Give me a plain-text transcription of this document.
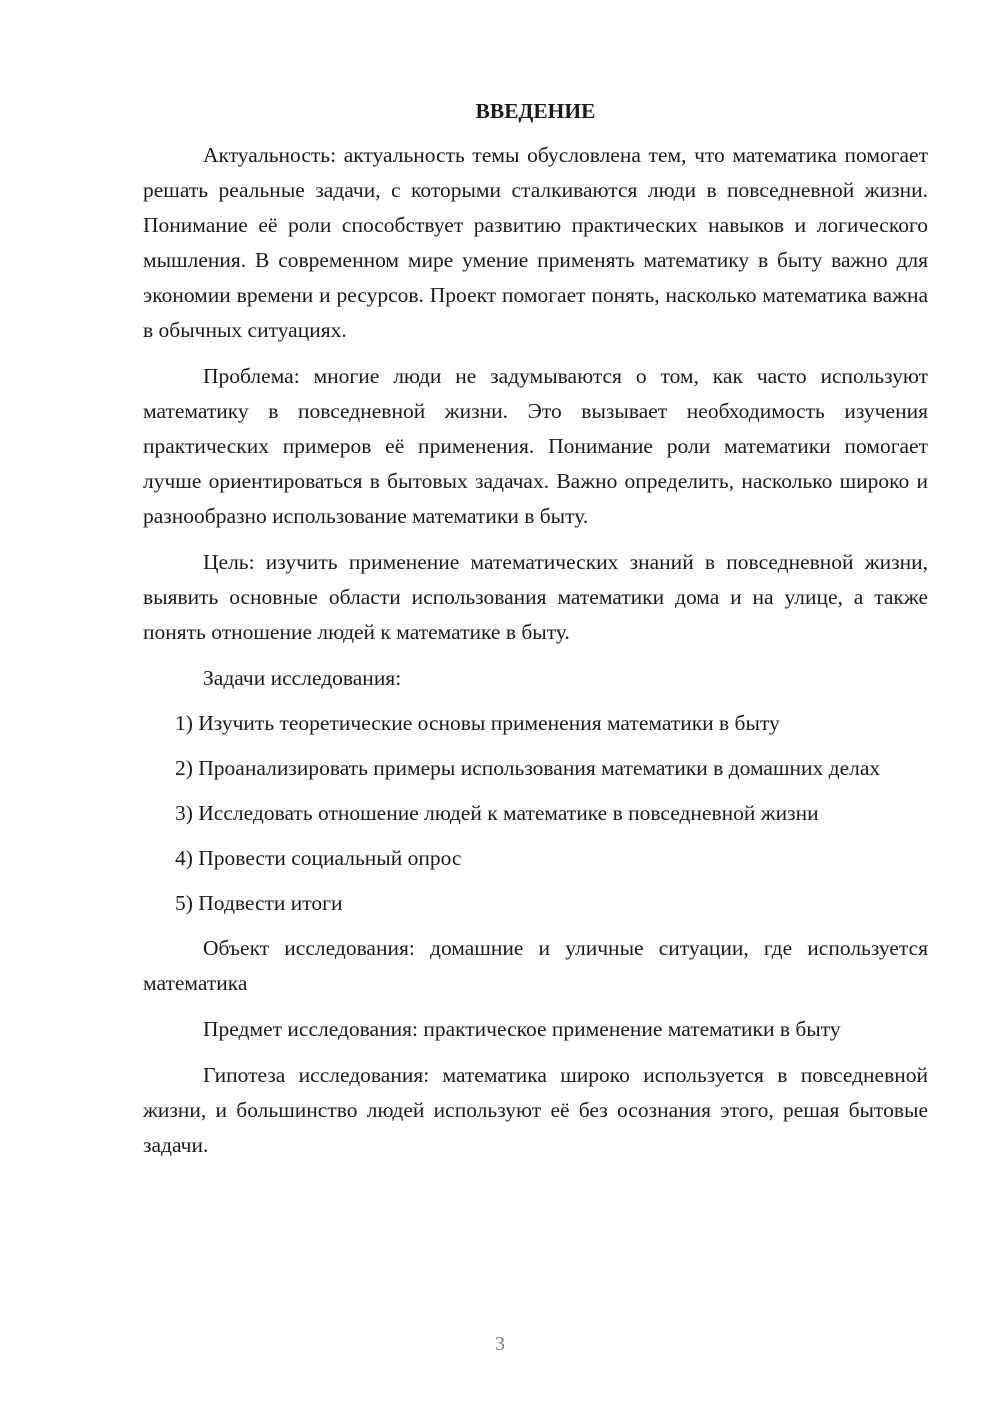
ВВЕДЕНИЕ

Актуальность: актуальность темы обусловлена тем, что математика помогает решать реальные задачи, с которыми сталкиваются люди в повседневной жизни. Понимание её роли способствует развитию практических навыков и логического мышления. В современном мире умение применять математику в быту важно для экономии времени и ресурсов. Проект помогает понять, насколько математика важна в обычных ситуациях.

Проблема: многие люди не задумываются о том, как часто используют математику в повседневной жизни. Это вызывает необходимость изучения практических примеров её применения. Понимание роли математики помогает лучше ориентироваться в бытовых задачах. Важно определить, насколько широко и разнообразно использование математики в быту.

Цель: изучить применение математических знаний в повседневной жизни, выявить основные области использования математики дома и на улице, а также понять отношение людей к математике в быту.

Задачи исследования:

1) Изучить теоретические основы применения математики в быту

2) Проанализировать примеры использования математики в домашних делах

3) Исследовать отношение людей к математике в повседневной жизни

4) Провести социальный опрос

5) Подвести итоги

Объект исследования: домашние и уличные ситуации, где используется математика

Предмет исследования: практическое применение математики в быту

Гипотеза исследования: математика широко используется в повседневной жизни, и большинство людей используют её без осознания этого, решая бытовые задачи.

3
